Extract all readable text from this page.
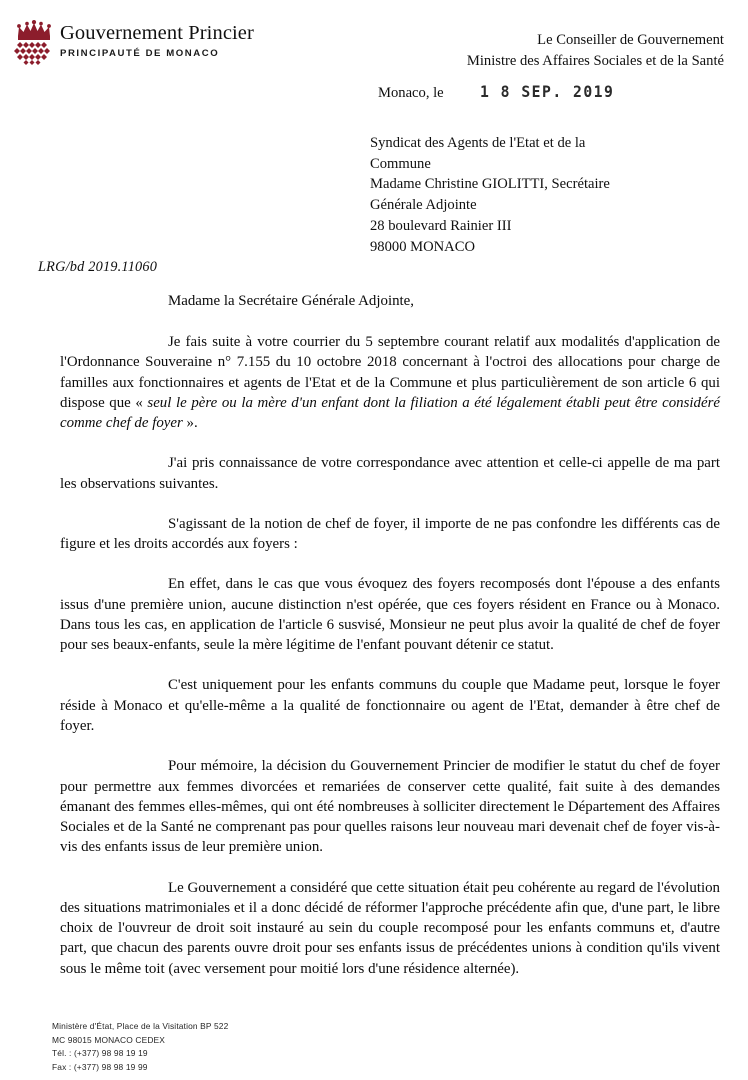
Gouvernement Princier
PRINCIPAUTÉ DE MONACO
Le Conseiller de Gouvernement
Ministre des Affaires Sociales et de la Santé
Monaco, le 1 8 SEP. 2019
Syndicat des Agents de l'Etat et de la
Commune
Madame Christine GIOLITTI, Secrétaire
Générale Adjointe
28 boulevard Rainier III
98000 MONACO
LRG/bd 2019.11060
Madame la Secrétaire Générale Adjointe,

Je fais suite à votre courrier du 5 septembre courant relatif aux modalités d'application de l'Ordonnance Souveraine n° 7.155 du 10 octobre 2018 concernant à l'octroi des allocations pour charge de familles aux fonctionnaires et agents de l'Etat et de la Commune et plus particulièrement de son article 6 qui dispose que « seul le père ou la mère d'un enfant dont la filiation a été légalement établi peut être considéré comme chef de foyer ».

J'ai pris connaissance de votre correspondance avec attention et celle-ci appelle de ma part les observations suivantes.

S'agissant de la notion de chef de foyer, il importe de ne pas confondre les différents cas de figure et les droits accordés aux foyers :

En effet, dans le cas que vous évoquez des foyers recomposés dont l'épouse a des enfants issus d'une première union, aucune distinction n'est opérée, que ces foyers résident en France ou à Monaco. Dans tous les cas, en application de l'article 6 susvisé, Monsieur ne peut plus avoir la qualité de chef de foyer pour ses beaux-enfants, seule la mère légitime de l'enfant pouvant détenir ce statut.

C'est uniquement pour les enfants communs du couple que Madame peut, lorsque le foyer réside à Monaco et qu'elle-même a la qualité de fonctionnaire ou agent de l'Etat, demander à être chef de foyer.

Pour mémoire, la décision du Gouvernement Princier de modifier le statut du chef de foyer pour permettre aux femmes divorcées et remariées de conserver cette qualité, fait suite à des demandes émanant des femmes elles-mêmes, qui ont été nombreuses à solliciter directement le Département des Affaires Sociales et de la Santé ne comprenant pas pour quelles raisons leur nouveau mari devenait chef de foyer vis-à-vis des enfants issus de leur première union.

Le Gouvernement a considéré que cette situation était peu cohérente au regard de l'évolution des situations matrimoniales et il a donc décidé de réformer l'approche précédente afin que, d'une part, le libre choix de l'ouvreur de droit soit instauré au sein du couple recomposé pour les enfants communs et, d'autre part, que chacun des parents ouvre droit pour ses enfants issus de précédentes unions à condition qu'ils vivent sous le même toit (avec versement pour moitié lors d'une résidence alternée).

Ministère d'État, Place de la Visitation BP 522
MC 98015 MONACO CEDEX
Tél. : (+377) 98 98 19 19
Fax : (+377) 98 98 19 99
